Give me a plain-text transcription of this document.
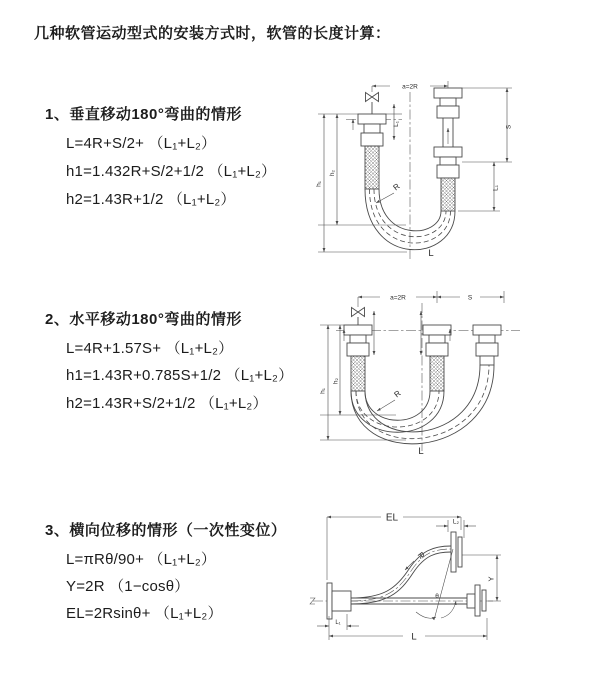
几种软管运动型式的安装方式时，软管的长度计算：
1、垂直移动180°弯曲的情形
L=4R+S/2+ （L₁+L₂）
h1=1.432R+S/2+1/2 （L₁+L₂）
h2=1.43R+1/2 （L₁+L₂）
a=2R
h₁
h₂
L₁
S
L₁
R
L
2、水平移动180°弯曲的情形
L=4R+1.57S+ （L₁+L₂）
h1=1.43R+0.785S+1/2 （L₁+L₂）
h2=1.43R+S/2+1/2 （L₁+L₂）
a=2R	S
h₁
h₂
R
L
3、横向位移的情形（一次性变位）
L=πRθ/90+ （L₁+L₂）
Y=2R （1−cosθ）
EL=2Rsinθ+ （L₁+L₂）
EL	L₂
Y
θ
R
L₁
L
